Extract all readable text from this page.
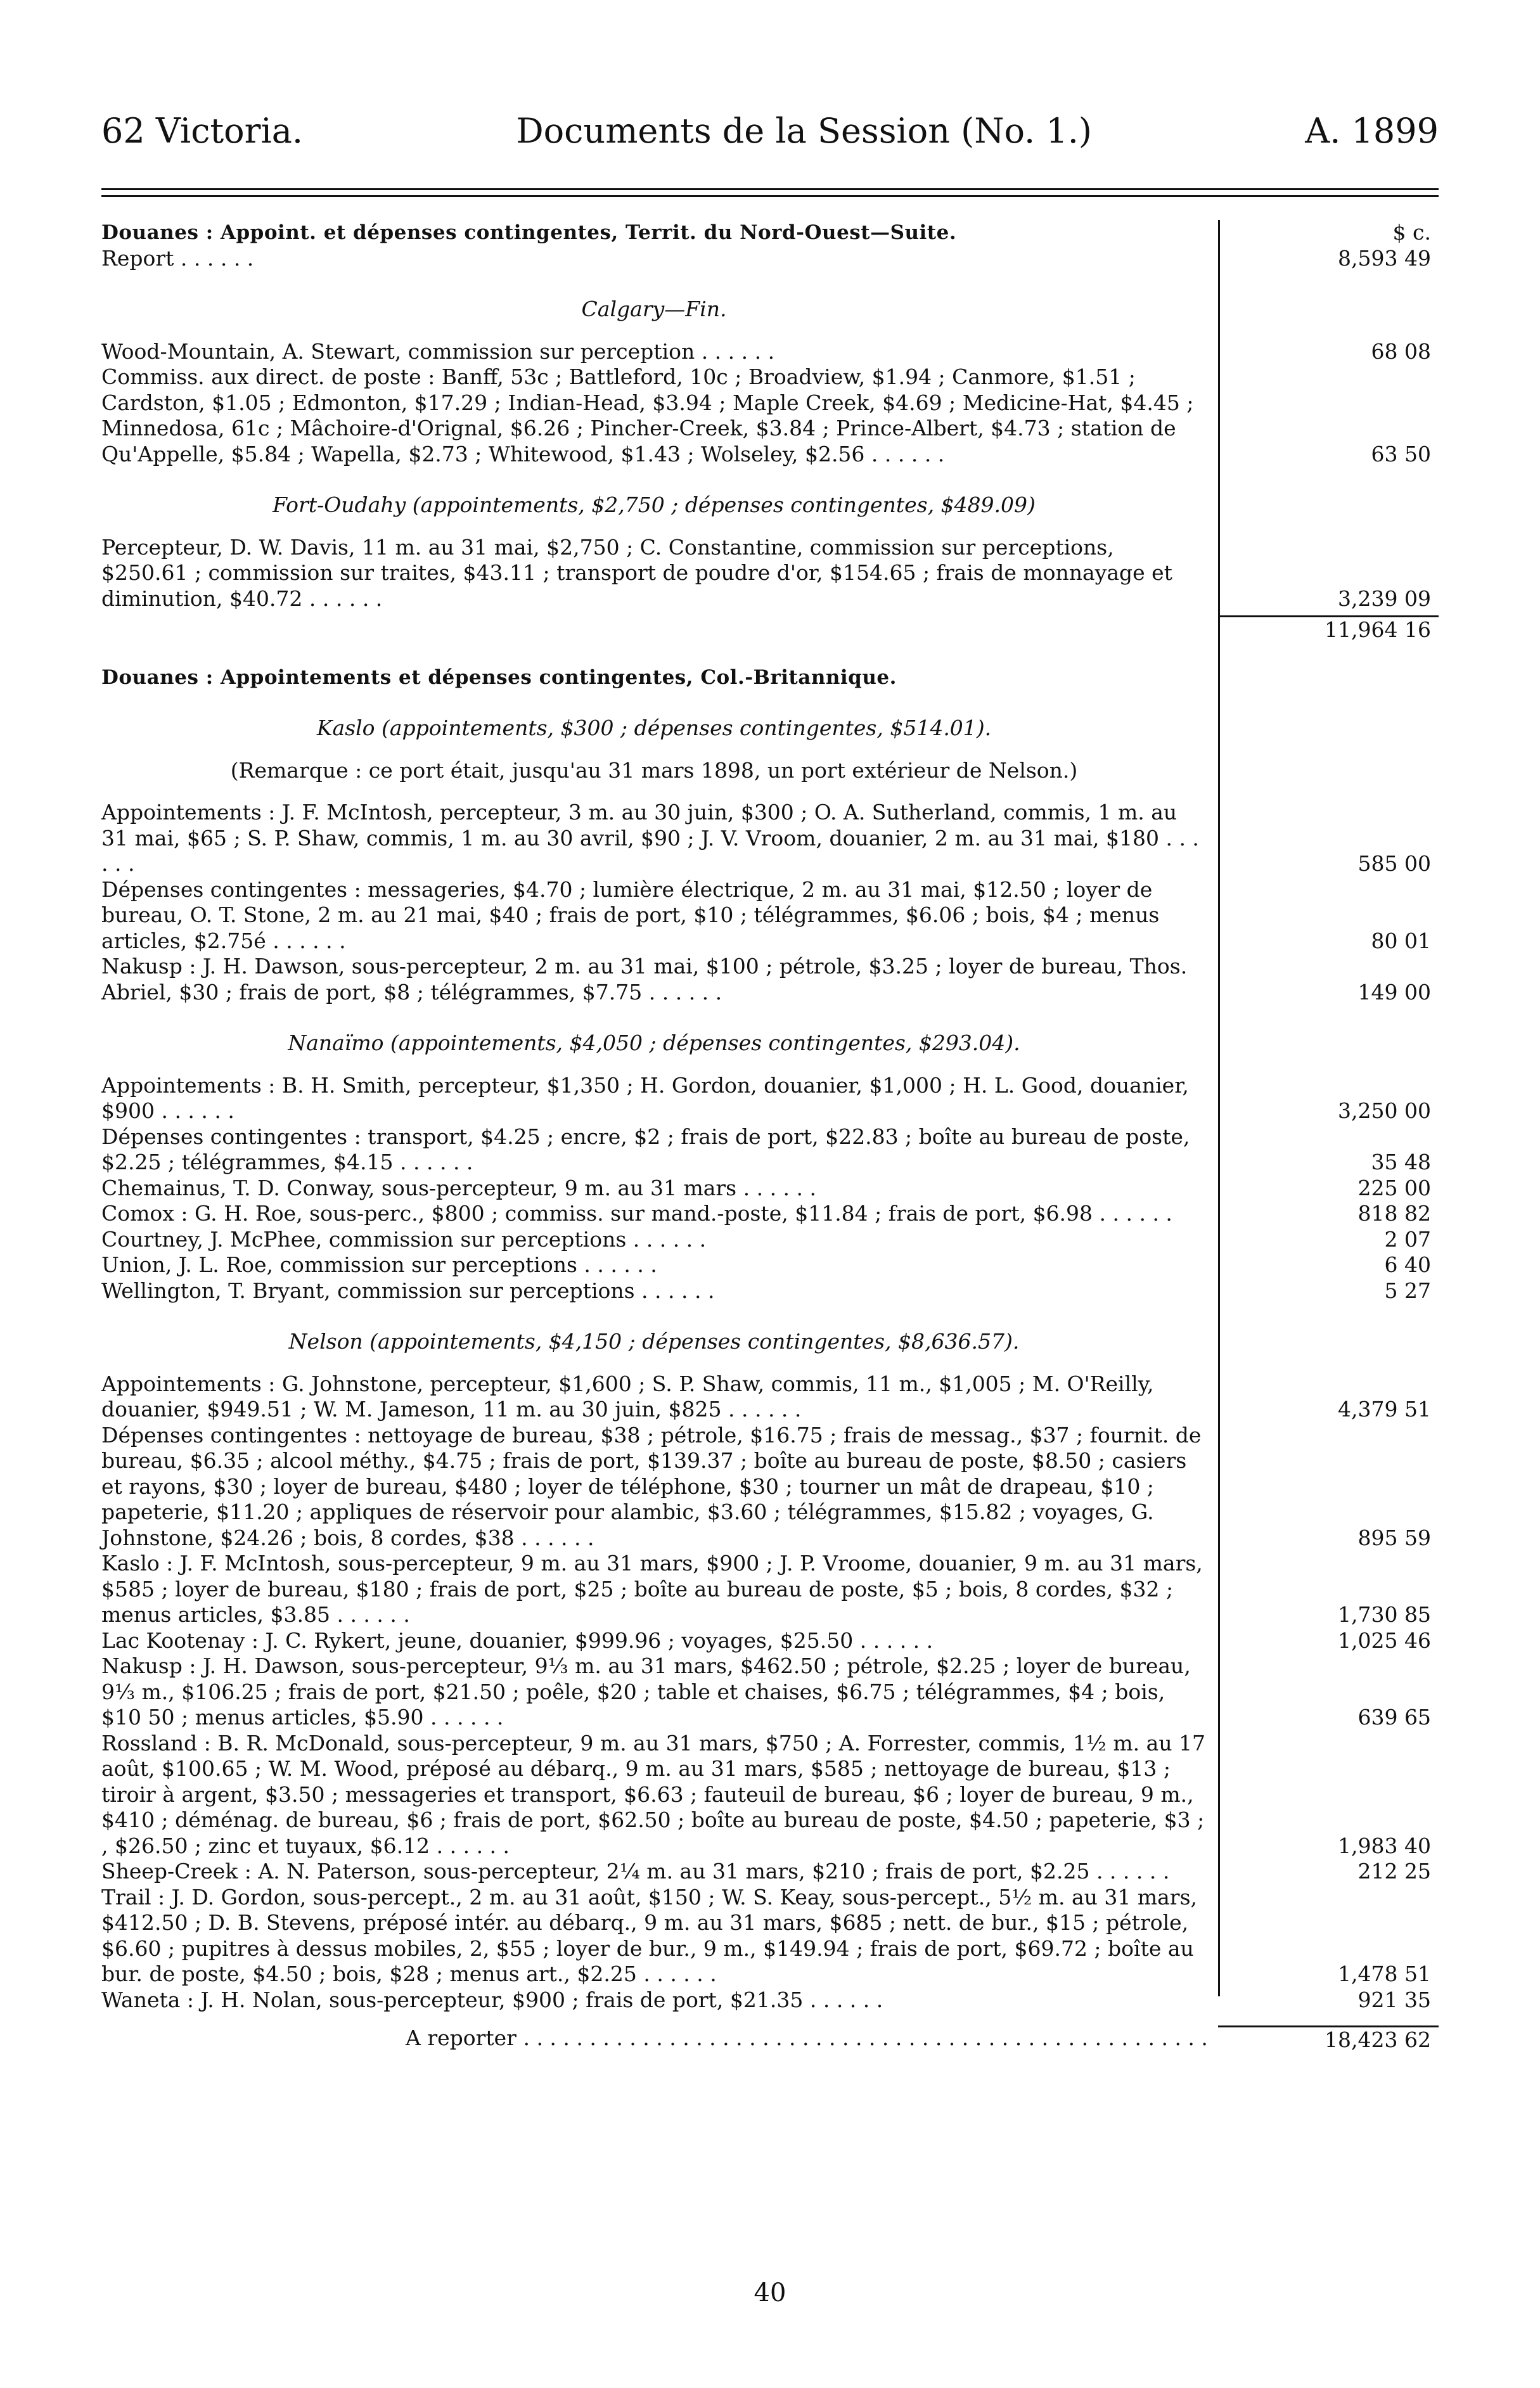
62 Victoria.	Documents de la Session (No. 1.)	A. 1899
Douanes : Appoint. et dépenses contingentes, Territ. du Nord-Ouest—Suite.	$ c.
Report . . . . . .	8,593 49
Calgary—Fin.
Wood-Mountain, A. Stewart, commission sur perception . . . . . .	68 08
Commiss. aux direct. de poste : Banff, 53c ; Battleford, 10c ; Broadview, $1.94 ; Canmore, $1.51 ; Cardston, $1.05 ; Edmonton, $17.29 ; Indian-Head, $3.94 ; Maple Creek, $4.69 ; Medicine-Hat, $4.45 ; Minnedosa, 61c ; Mâchoire-d'Orignal, $6.26 ; Pincher-Creek, $3.84 ; Prince-Albert, $4.73 ; station de Qu'Appelle, $5.84 ; Wapella, $2.73 ; Whitewood, $1.43 ; Wolseley, $2.56 . . . . . .	63 50
Fort-Oudahy (appointements, $2,750 ; dépenses contingentes, $489.09)
Percepteur, D. W. Davis, 11 m. au 31 mai, $2,750 ; C. Constantine, commission sur perceptions, $250.61 ; commission sur traites, $43.11 ; transport de poudre d'or, $154.65 ; frais de monnayage et diminution, $40.72 . . . . . .	3,239 09
11,964 16
Douanes : Appointements et dépenses contingentes, Col.-Britannique.
Kaslo (appointements, $300 ; dépenses contingentes, $514.01).
(Remarque : ce port était, jusqu'au 31 mars 1898, un port extérieur de Nelson.)
Appointements : J. F. McIntosh, percepteur, 3 m. au 30 juin, $300 ; O. A. Sutherland, commis, 1 m. au 31 mai, $65 ; S. P. Shaw, commis, 1 m. au 30 avril, $90 ; J. V. Vroom, douanier, 2 m. au 31 mai, $180 . . . . . .	585 00
Dépenses contingentes : messageries, $4.70 ; lumière électrique, 2 m. au 31 mai, $12.50 ; loyer de bureau, O. T. Stone, 2 m. au 21 mai, $40 ; frais de port, $10 ; télégrammes, $6.06 ; bois, $4 ; menus articles, $2.75é . . . . . .	80 01
Nakusp : J. H. Dawson, sous-percepteur, 2 m. au 31 mai, $100 ; pétrole, $3.25 ; loyer de bureau, Thos. Abriel, $30 ; frais de port, $8 ; télégrammes, $7.75 . . . . . .	149 00
Nanaïmo (appointements, $4,050 ; dépenses contingentes, $293.04).
Appointements : B. H. Smith, percepteur, $1,350 ; H. Gordon, douanier, $1,000 ; H. L. Good, douanier, $900 . . . . . .	3,250 00
Dépenses contingentes : transport, $4.25 ; encre, $2 ; frais de port, $22.83 ; boîte au bureau de poste, $2.25 ; télégrammes, $4.15 . . . . . .	35 48
Chemainus, T. D. Conway, sous-percepteur, 9 m. au 31 mars . . . . . .	225 00
Comox : G. H. Roe, sous-perc., $800 ; commiss. sur mand.-poste, $11.84 ; frais de port, $6.98 . . . . . .	818 82
Courtney, J. McPhee, commission sur perceptions . . . . . .	2 07
Union, J. L. Roe, commission sur perceptions . . . . . .	6 40
Wellington, T. Bryant, commission sur perceptions . . . . . .	5 27
Nelson (appointements, $4,150 ; dépenses contingentes, $8,636.57).
Appointements : G. Johnstone, percepteur, $1,600 ; S. P. Shaw, commis, 11 m., $1,005 ; M. O'Reilly, douanier, $949.51 ; W. M. Jameson, 11 m. au 30 juin, $825 . . . . . .	4,379 51
Dépenses contingentes : nettoyage de bureau, $38 ; pétrole, $16.75 ; frais de messag., $37 ; fournit. de bureau, $6.35 ; alcool méthy., $4.75 ; frais de port, $139.37 ; boîte au bureau de poste, $8.50 ; casiers et rayons, $30 ; loyer de bureau, $480 ; loyer de téléphone, $30 ; tourner un mât de drapeau, $10 ; papeterie, $11.20 ; appliques de réservoir pour alambic, $3.60 ; télégrammes, $15.82 ; voyages, G. Johnstone, $24.26 ; bois, 8 cordes, $38 . . . . . .	895 59
Kaslo : J. F. McIntosh, sous-percepteur, 9 m. au 31 mars, $900 ; J. P. Vroome, douanier, 9 m. au 31 mars, $585 ; loyer de bureau, $180 ; frais de port, $25 ; boîte au bureau de poste, $5 ; bois, 8 cordes, $32 ; menus articles, $3.85 . . . . . .	1,730 85
Lac Kootenay : J. C. Rykert, jeune, douanier, $999.96 ; voyages, $25.50 . . . . . .	1,025 46
Nakusp : J. H. Dawson, sous-percepteur, 9⅓ m. au 31 mars, $462.50 ; pétrole, $2.25 ; loyer de bureau, 9⅓ m., $106.25 ; frais de port, $21.50 ; poêle, $20 ; table et chaises, $6.75 ; télégrammes, $4 ; bois, $10 50 ; menus articles, $5.90 . . . . . .	639 65
Rossland : B. R. McDonald, sous-percepteur, 9 m. au 31 mars, $750 ; A. Forrester, commis, 1½ m. au 17 août, $100.65 ; W. M. Wood, préposé au débarq., 9 m. au 31 mars, $585 ; nettoyage de bureau, $13 ; tiroir à argent, $3.50 ; messageries et transport, $6.63 ; fauteuil de bureau, $6 ; loyer de bureau, 9 m., $410 ; déménag. de bureau, $6 ; frais de port, $62.50 ; boîte au bureau de poste, $4.50 ; papeterie, $3 ; , $26.50 ; zinc et tuyaux, $6.12 . . . . . .	1,983 40
Sheep-Creek : A. N. Paterson, sous-percepteur, 2¼ m. au 31 mars, $210 ; frais de port, $2.25 . . . . . .	212 25
Trail : J. D. Gordon, sous-percept., 2 m. au 31 août, $150 ; W. S. Keay, sous-percept., 5½ m. au 31 mars, $412.50 ; D. B. Stevens, préposé intér. au débarq., 9 m. au 31 mars, $685 ; nett. de bur., $15 ; pétrole, $6.60 ; pupitres à dessus mobiles, 2, $55 ; loyer de bur., 9 m., $149.94 ; frais de port, $69.72 ; boîte au bur. de poste, $4.50 ; bois, $28 ; menus art., $2.25 . . . . . .	1,478 51
Waneta : J. H. Nolan, sous-percepteur, $900 ; frais de port, $21.35 . . . . . .	921 35
A reporter . . .	18,423 62
40
